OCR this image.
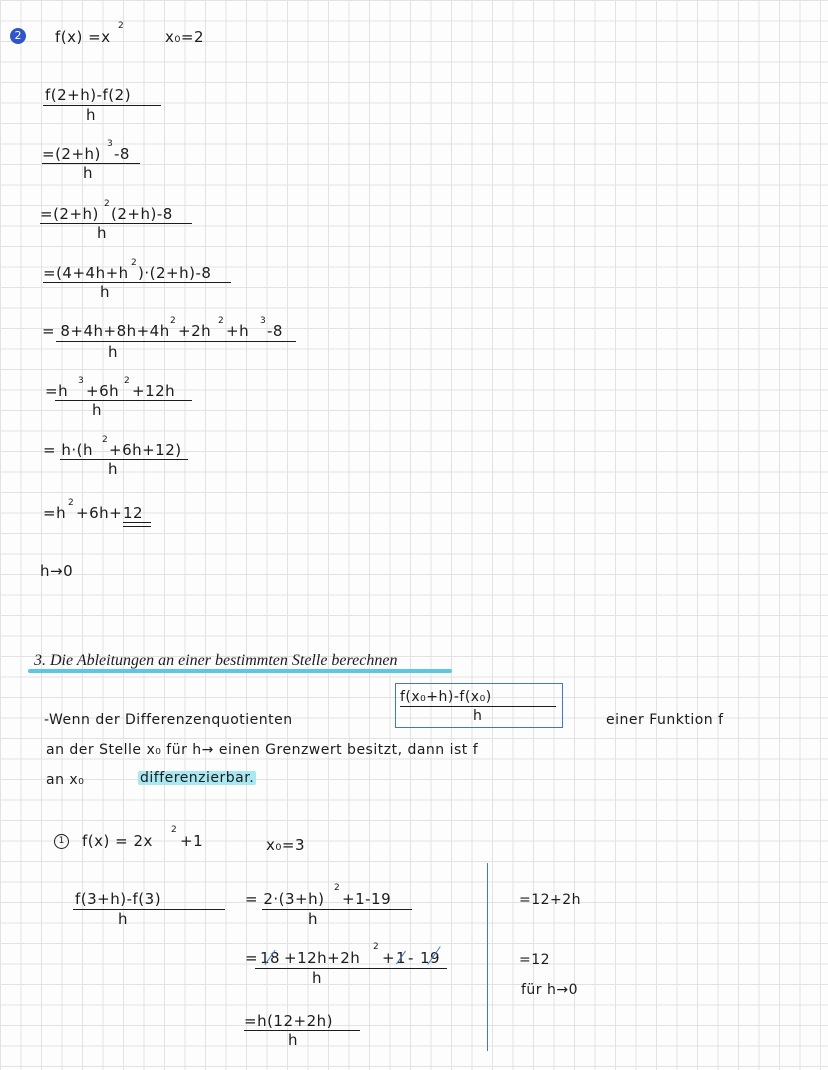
2	f(x) =x
2
x₀=2
f(2+h)-f(2)
h
=(2+h)
3
-8
h
=(2+h)
2
(2+h)-8
h
=(4+4h+h
2
)·(2+h)-8
h
= 8+4h+8h+4h
2
+2h
2
+h
3
-8
h
=h
3
+6h
2
+12h
h
= h·(h
2
+6h+12)
h
=h
2
+6h+ 12
h→0
3. Die Ableitungen an einer bestimmten Stelle berechnen
-Wenn der Differenzenquotienten
f(x₀+h)-f(x₀)
h	einer Funktion f
an der Stelle x₀ für h→ einen Grenzwert besitzt, dann ist f
an x₀	differenzierbar.
1	f(x) = 2x
2
+1	x₀=3
f(3+h)-f(3)
h
= 2·(3+h)
2
+1-19
h
= 18 +12h+2h
2
+ 1 - 19
h
=h(12+2h)
h
=12+2h
=12
für h→0
